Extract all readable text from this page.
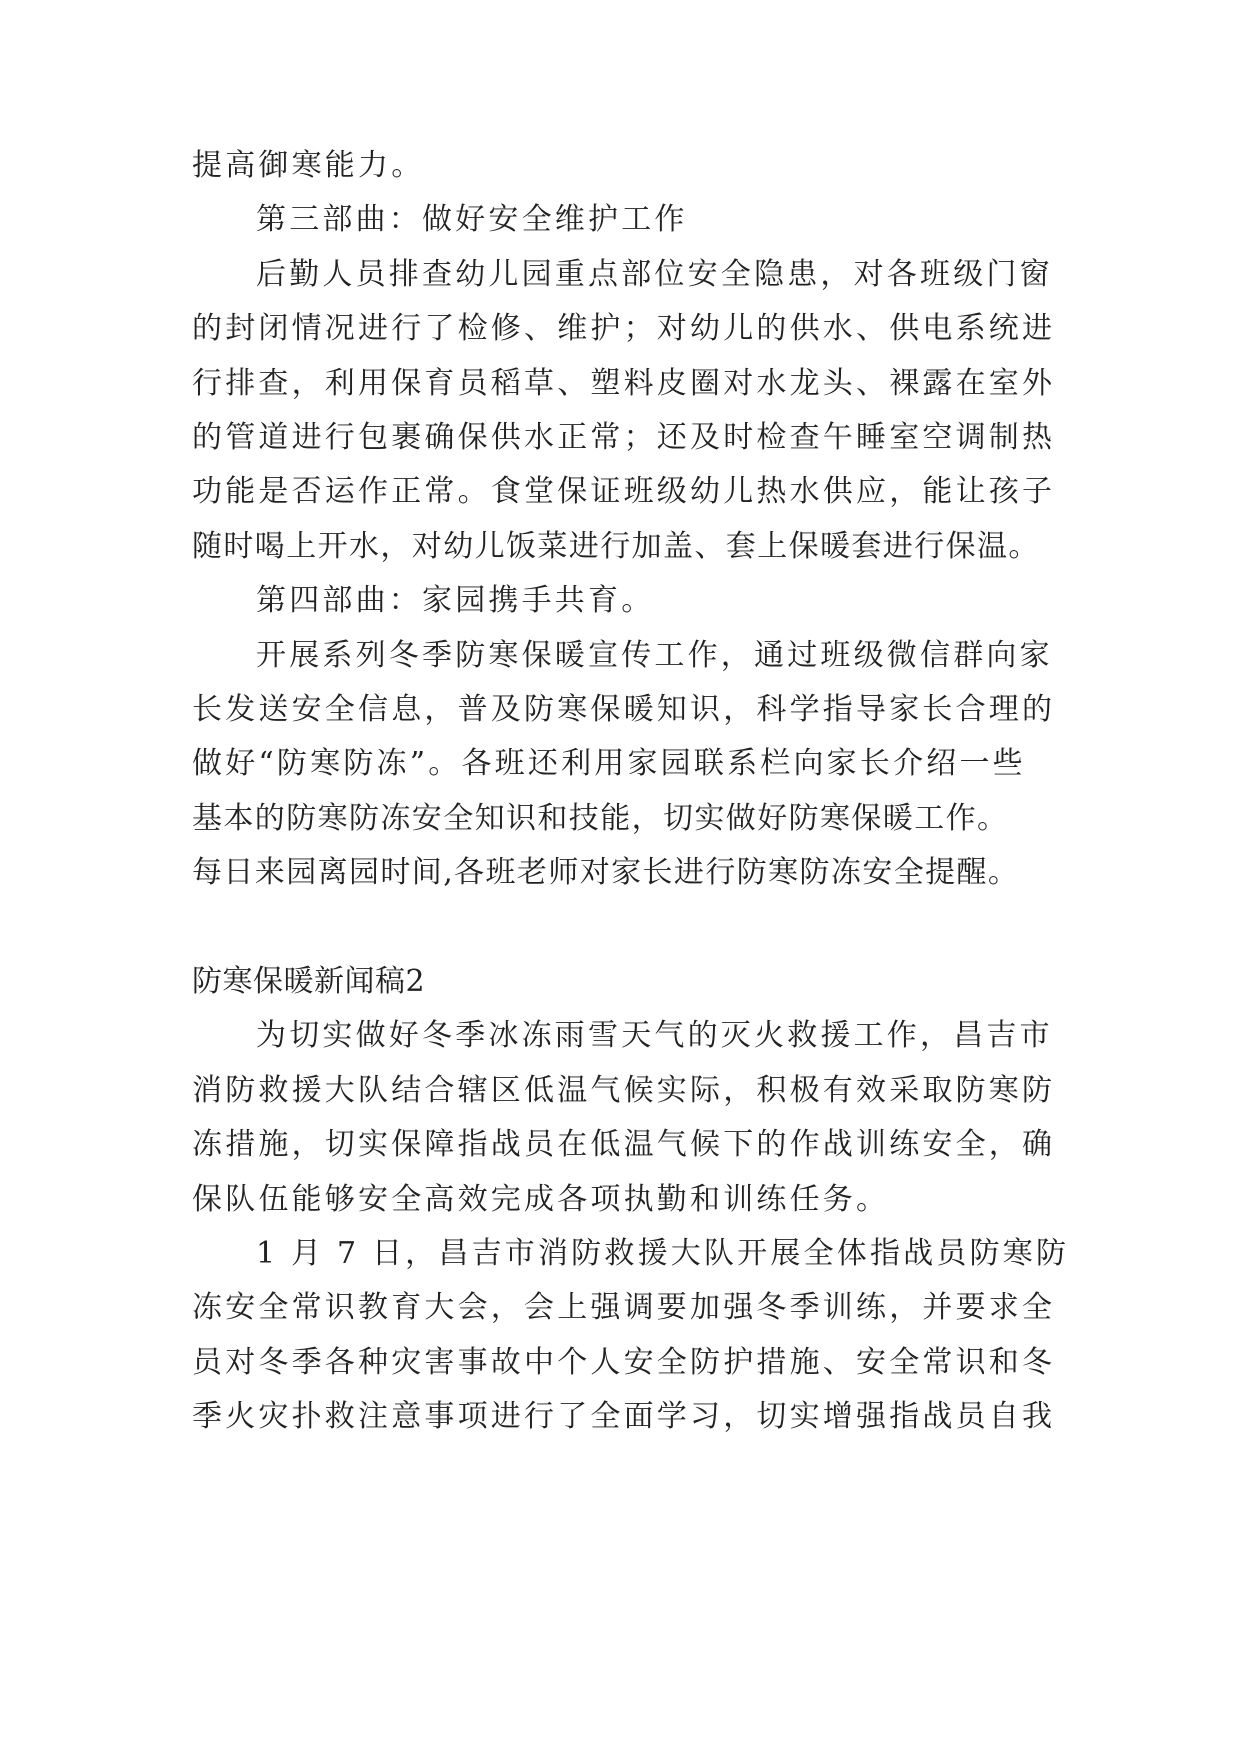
提高御寒能力。
第三部曲：做好安全维护工作
后勤人员排查幼儿园重点部位安全隐患，对各班级门窗
的封闭情况进行了检修、维护；对幼儿的供水、供电系统进
行排查，利用保育员稻草、塑料皮圈对水龙头、裸露在室外
的管道进行包裹确保供水正常；还及时检查午睡室空调制热
功能是否运作正常。食堂保证班级幼儿热水供应，能让孩子
随时喝上开水，对幼儿饭菜进行加盖、套上保暖套进行保温。
第四部曲：家园携手共育。
开展系列冬季防寒保暖宣传工作，通过班级微信群向家
长发送安全信息，普及防寒保暖知识，科学指导家长合理的
做好“防寒防冻”。各班还利用家园联系栏向家长介绍一些
基本的防寒防冻安全知识和技能，切实做好防寒保暖工作。
每日来园离园时间,各班老师对家长进行防寒防冻安全提醒。
防寒保暖新闻稿2
为切实做好冬季冰冻雨雪天气的灭火救援工作，昌吉市
消防救援大队结合辖区低温气候实际，积极有效采取防寒防
冻措施，切实保障指战员在低温气候下的作战训练安全，确
保队伍能够安全高效完成各项执勤和训练任务。
1 月 7 日，昌吉市消防救援大队开展全体指战员防寒防
冻安全常识教育大会，会上强调要加强冬季训练，并要求全
员对冬季各种灾害事故中个人安全防护措施、安全常识和冬
季火灾扑救注意事项进行了全面学习，切实增强指战员自我
